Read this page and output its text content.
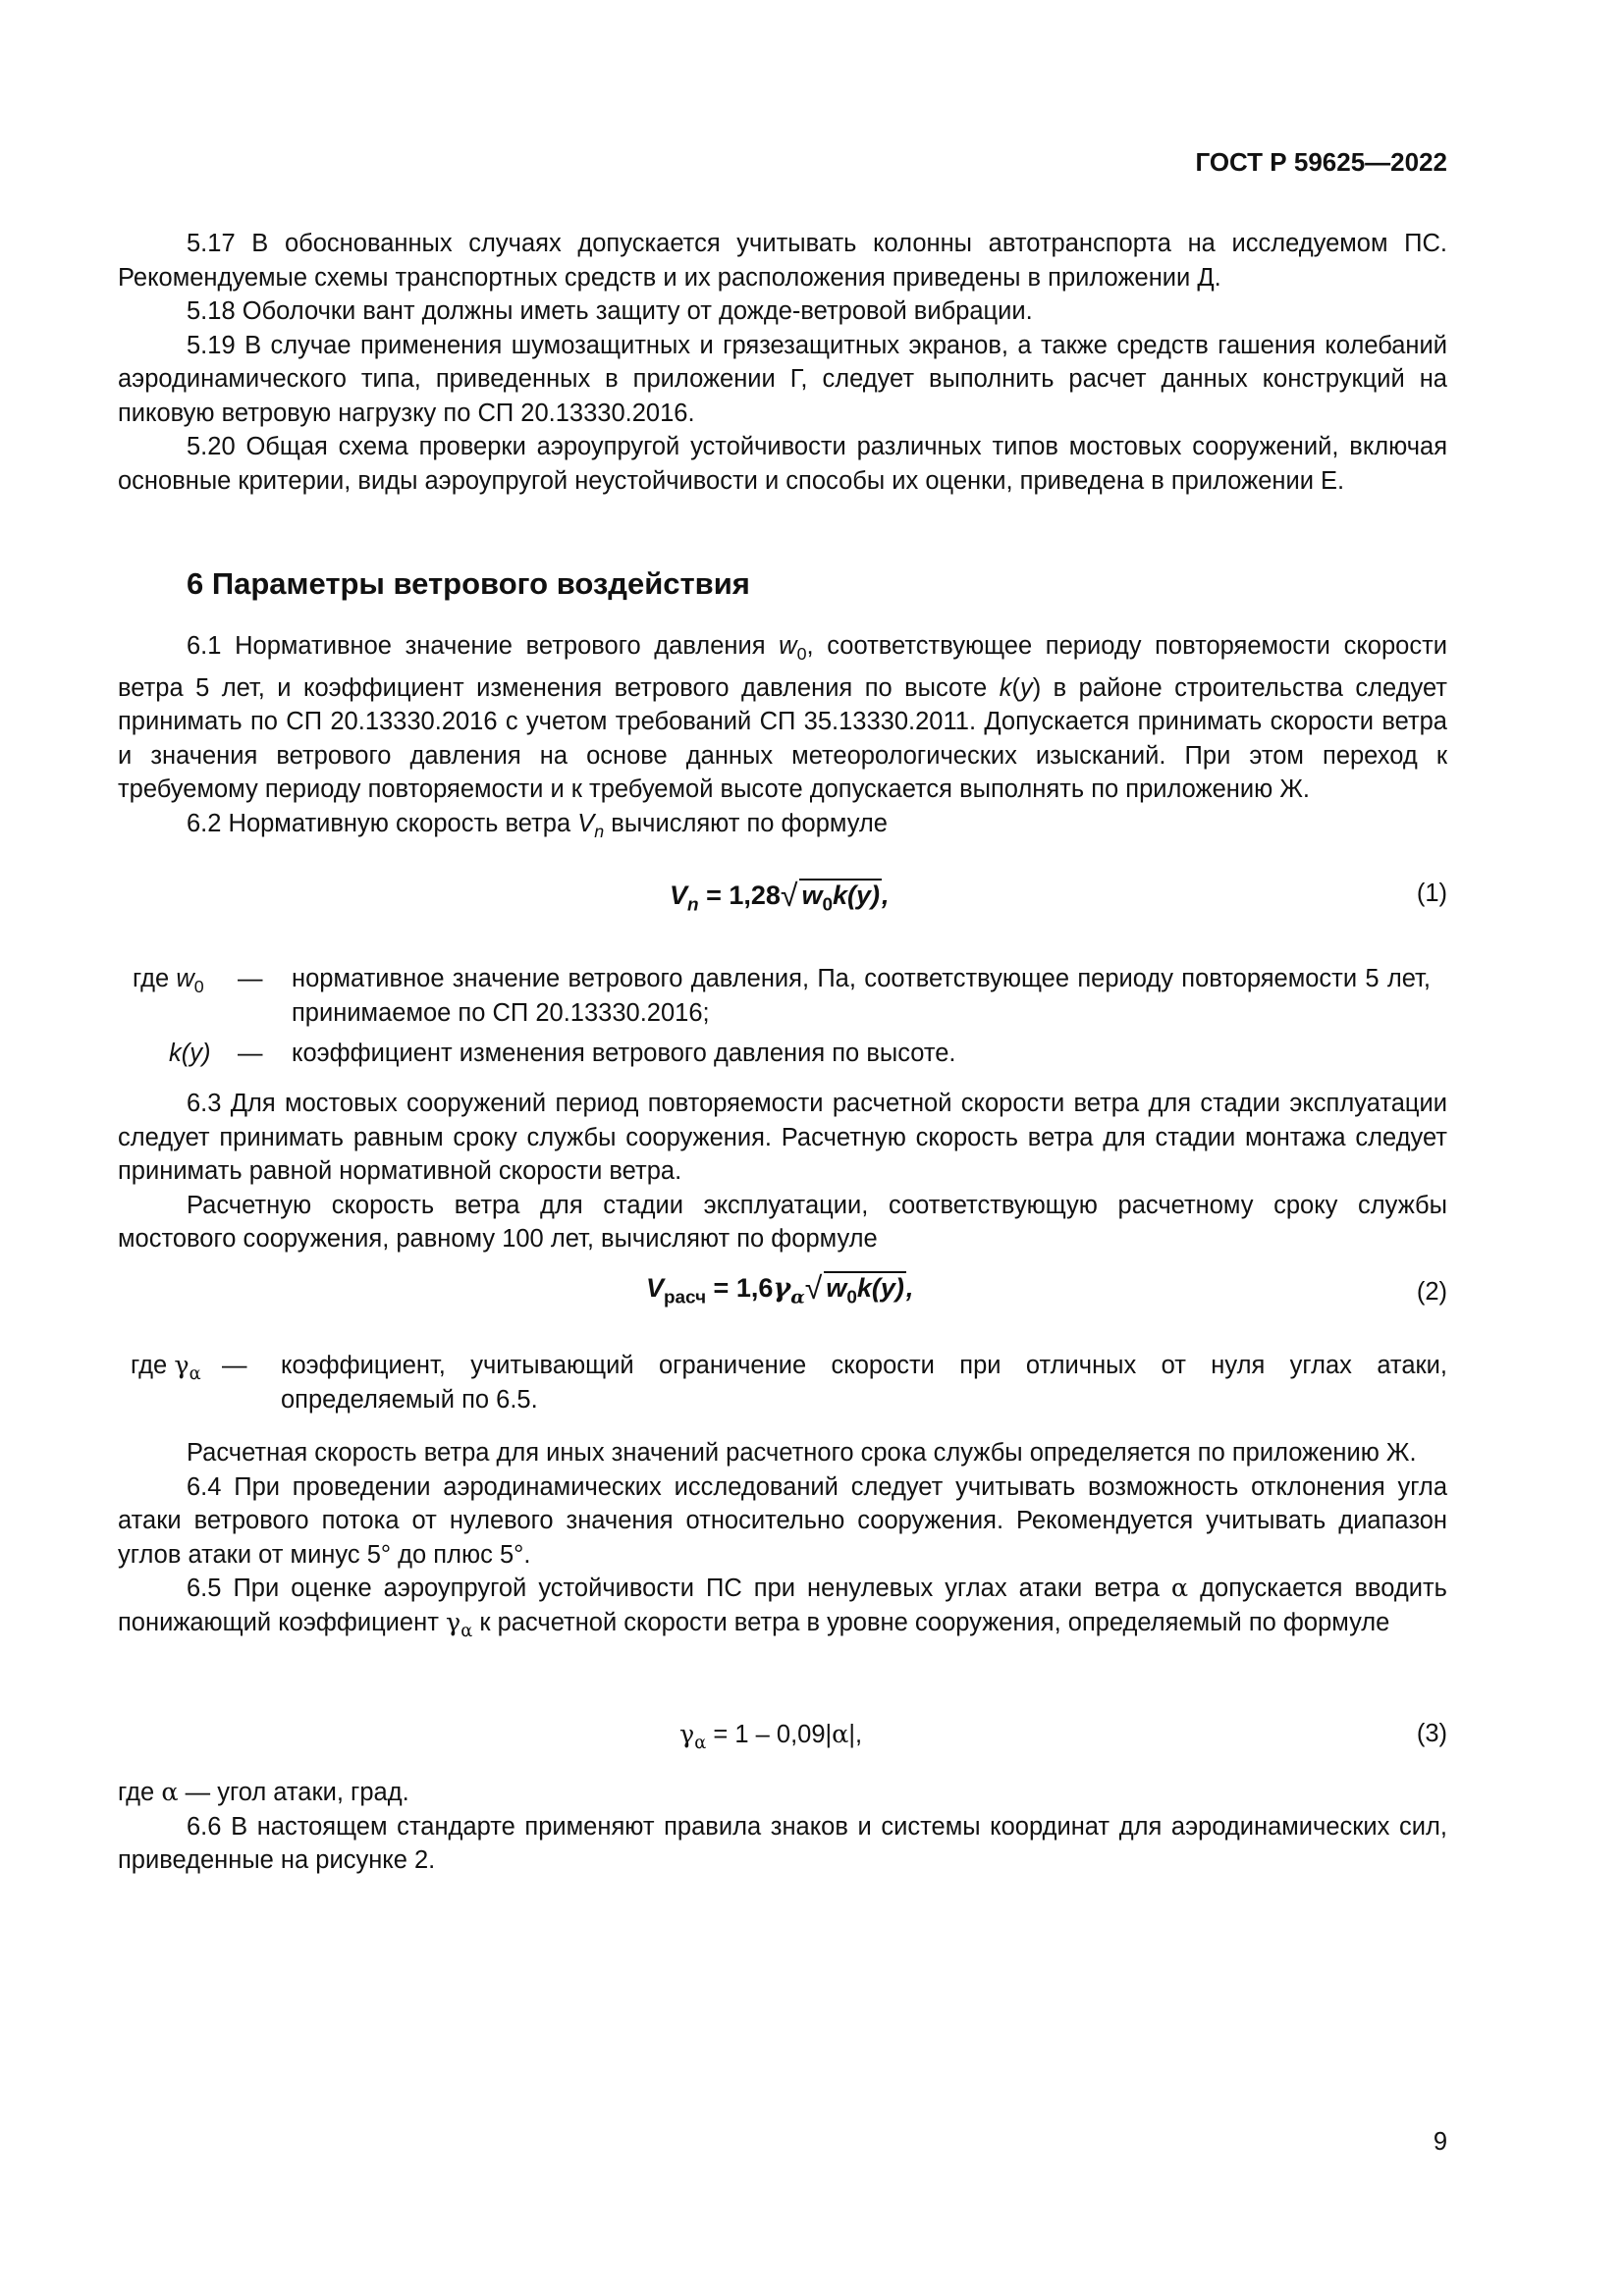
ГОСТ Р 59625—2022

5.17 В обоснованных случаях допускается учитывать колонны автотранспорта на исследуемом ПС. Рекомендуемые схемы транспортных средств и их расположения приведены в приложении Д.

5.18 Оболочки вант должны иметь защиту от дожде-ветровой вибрации.

5.19 В случае применения шумозащитных и грязезащитных экранов, а также средств гашения колебаний аэродинамического типа, приведенных в приложении Г, следует выполнить расчет данных конструкций на пиковую ветровую нагрузку по СП 20.13330.2016.

5.20 Общая схема проверки аэроупругой устойчивости различных типов мостовых сооружений, включая основные критерии, виды аэроупругой неустойчивости и способы их оценки, приведена в приложении Е.

6 Параметры ветрового воздействия

6.1 Нормативное значение ветрового давления $w_0$, соответствующее периоду повторяемости скорости ветра 5 лет, и коэффициент изменения ветрового давления по высоте k(y) в районе строительства следует принимать по СП 20.13330.2016 с учетом требований СП 35.13330.2011. Допускается принимать скорости ветра и значения ветрового давления на основе данных метеорологических изысканий. При этом переход к требуемому периоду повторяемости и к требуемой высоте допускается выполнять по приложению Ж.

6.2 Нормативную скорость ветра $V_n$ вычисляют по формуле

$V_n = 1,28√$ $w_0k(y)$,	(1)
где $w_0$ — нормативное значение ветрового давления, Па, соответствующее периоду повторяемости 5 лет, принимаемое по СП 20.13330.2016;
k(y) — коэффициент изменения ветрового давления по высоте.

6.3 Для мостовых сооружений период повторяемости расчетной скорости ветра для стадии эксплуатации следует принимать равным сроку службы сооружения. Расчетную скорость ветра для стадии монтажа следует принимать равной нормативной скорости ветра.

Расчетную скорость ветра для стадии эксплуатации, соответствующую расчетному сроку службы мостового сооружения, равному 100 лет, вычисляют по формуле

$V_{расч} = 1,6\gamma_\alpha√$ $w_0k(y)$,	(2)
где $\gamma_\alpha$ — коэффициент, учитывающий ограничение скорости при отличных от нуля углах атаки, определяемый по 6.5.

Расчетная скорость ветра для иных значений расчетного срока службы определяется по приложению Ж.

6.4 При проведении аэродинамических исследований следует учитывать возможность отклонения угла атаки ветрового потока от нулевого значения относительно сооружения. Рекомендуется учитывать диапазон углов атаки от минус 5° до плюс 5°.

6.5 При оценке аэроупругой устойчивости ПС при ненулевых углах атаки ветра α допускается вводить понижающий коэффициент $\gamma_\alpha$ к расчетной скорости ветра в уровне сооружения, определяемый по формуле

$\gamma_\alpha = 1 - 0,09|\alpha|$,	(3)

где α — угол атаки, град.

6.6 В настоящем стандарте применяют правила знаков и системы координат для аэродинамических сил, приведенные на рисунке 2.

9
